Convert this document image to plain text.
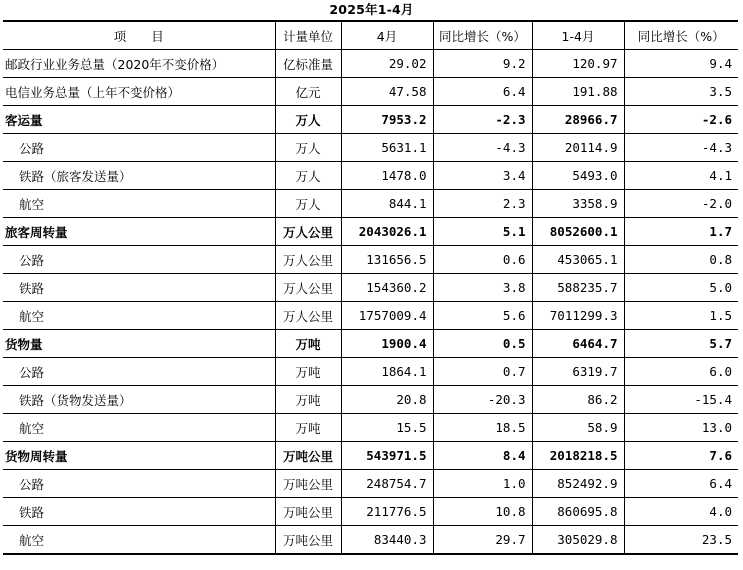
2025年1-4月
项　　目	计量单位	4月	同比增长（%）	1-4月	同比增长（%）
邮政行业业务总量（2020年不变价格）	亿标准量	29.02	9.2	120.97	9.4
电信业务总量（上年不变价格）	亿元	47.58	6.4	191.88	3.5
客运量	万人	7953.2	-2.3	28966.7	-2.6
公路	万人	5631.1	-4.3	20114.9	-4.3
铁路（旅客发送量）	万人	1478.0	3.4	5493.0	4.1
航空	万人	844.1	2.3	3358.9	-2.0
旅客周转量	万人公里	2043026.1	5.1	8052600.1	1.7
公路	万人公里	131656.5	0.6	453065.1	0.8
铁路	万人公里	154360.2	3.8	588235.7	5.0
航空	万人公里	1757009.4	5.6	7011299.3	1.5
货物量	万吨	1900.4	0.5	6464.7	5.7
公路	万吨	1864.1	0.7	6319.7	6.0
铁路（货物发送量）	万吨	20.8	-20.3	86.2	-15.4
航空	万吨	15.5	18.5	58.9	13.0
货物周转量	万吨公里	543971.5	8.4	2018218.5	7.6
公路	万吨公里	248754.7	1.0	852492.9	6.4
铁路	万吨公里	211776.5	10.8	860695.8	4.0
航空	万吨公里	83440.3	29.7	305029.8	23.5
